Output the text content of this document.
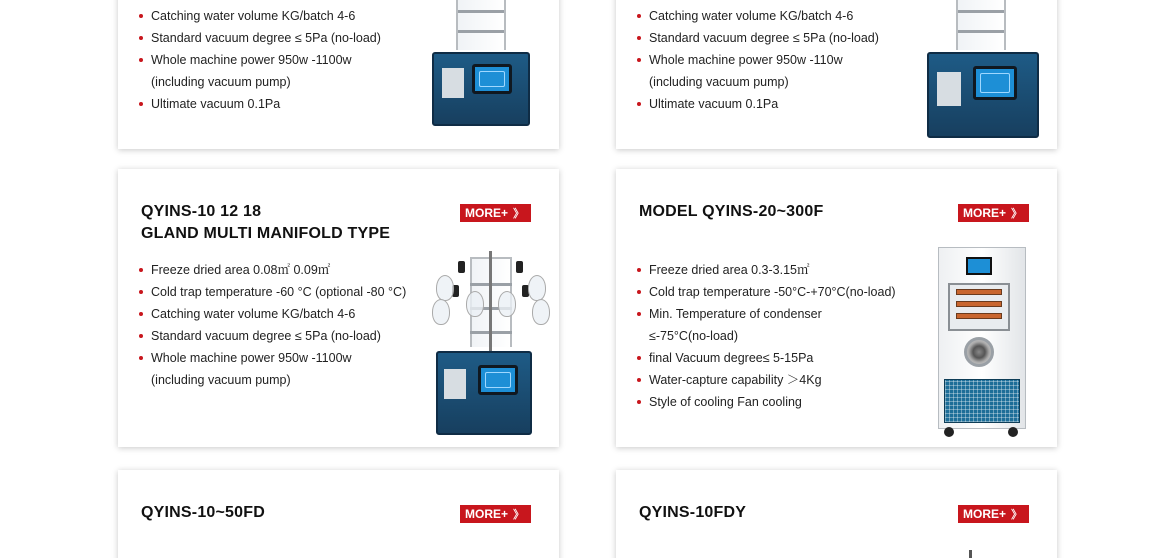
Catching water volume KG/batch 4-6
Standard vacuum degree ≤ 5Pa (no-load)
Whole machine power 950w -1100w
(including vacuum pump)
Ultimate vacuum 0.1Pa
Catching water volume KG/batch 4-6
Standard vacuum degree ≤ 5Pa (no-load)
Whole machine power 950w -110w
(including vacuum pump)
Ultimate vacuum 0.1Pa
QYINS-10 12 18
GLAND MULTI MANIFOLD TYPE
MORE+ 》
Freeze dried area 0.08㎡ 0.09㎡
Cold trap temperature -60 °C (optional -80 °C)
Catching water volume KG/batch 4-6
Standard vacuum degree ≤ 5Pa (no-load)
Whole machine power 950w -1100w
(including vacuum pump)
MODEL QYINS-20~300F	MORE+ 》
Freeze dried area 0.3-3.15㎡
Cold trap temperature -50°C-+70°C(no-load)
Min. Temperature of condenser
≤-75°C(no-load)
final Vacuum degree≤ 5-15Pa
Water-capture capability ＞4Kg
Style of cooling Fan cooling
QYINS-10~50FD	MORE+ 》	QYINS-10FDY	MORE+ 》
